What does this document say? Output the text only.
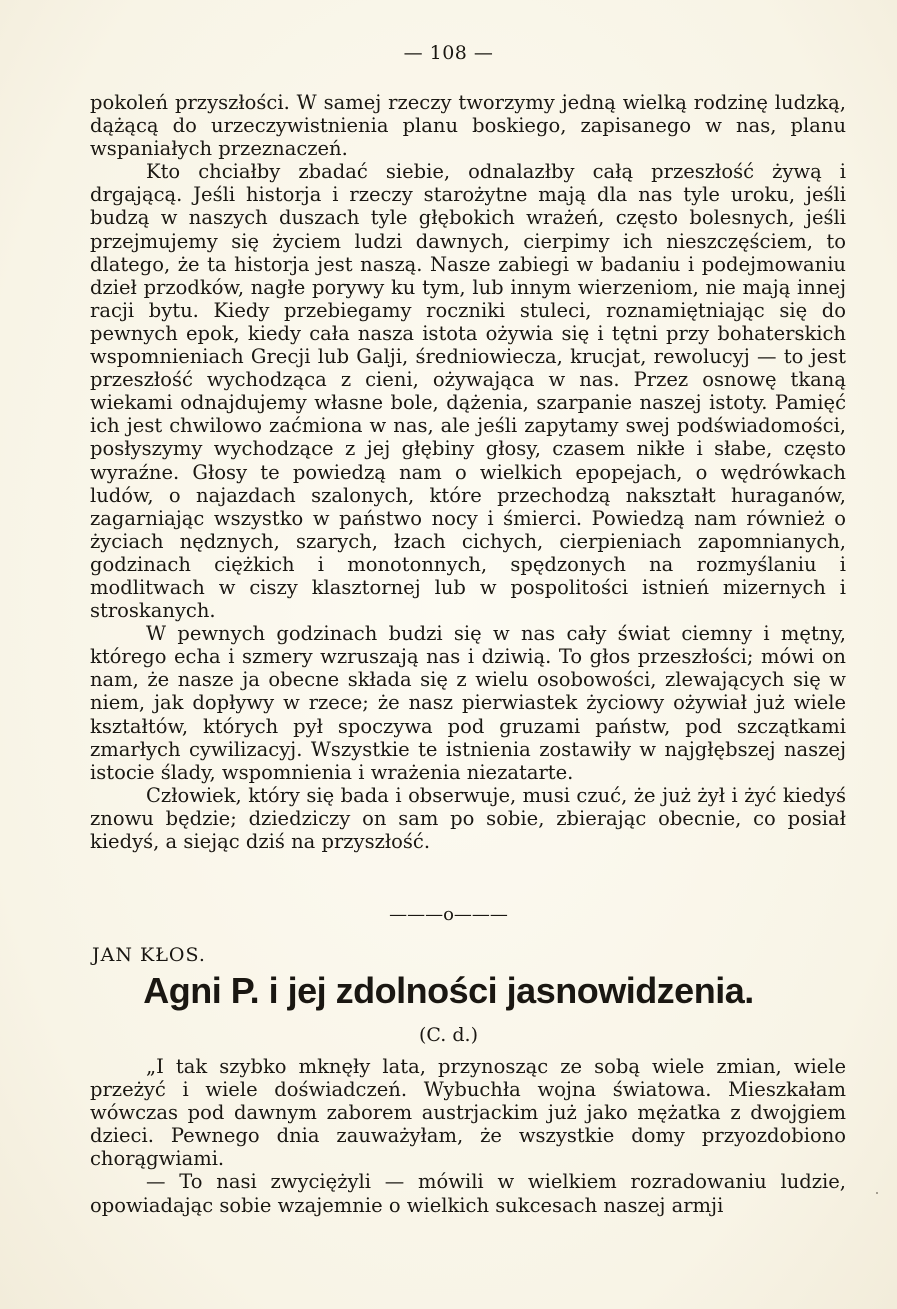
— 108 —

pokoleń przyszłości. W samej rzeczy tworzymy jedną wielką rodzinę ludzką, dążącą do urzeczywistnienia planu boskiego, zapisanego w nas, planu wspaniałych przeznaczeń.

Kto chciałby zbadać siebie, odnalazłby całą przeszłość żywą i drgającą. Jeśli historja i rzeczy starożytne mają dla nas tyle uroku, jeśli budzą w naszych duszach tyle głębokich wrażeń, często bolesnych, jeśli przejmujemy się życiem ludzi dawnych, cierpimy ich nieszczęściem, to dlatego, że ta historja jest naszą. Nasze zabiegi w badaniu i podejmowaniu dzieł przodków, nagłe porywy ku tym, lub innym wierzeniom, nie mają innej racji bytu. Kiedy przebiegamy roczniki stuleci, roznamiętniając się do pewnych epok, kiedy cała nasza istota ożywia się i tętni przy bohaterskich wspomnieniach Grecji lub Galji, średniowiecza, krucjat, rewolucyj — to jest przeszłość wychodząca z cieni, ożywająca w nas. Przez osnowę tkaną wiekami odnajdujemy własne bole, dążenia, szarpanie naszej istoty. Pamięć ich jest chwilowo zaćmiona w nas, ale jeśli zapytamy swej podświadomości, posłyszymy wychodzące z jej głębiny głosy, czasem nikłe i słabe, często wyraźne. Głosy te powiedzą nam o wielkich epopejach, o wędrówkach ludów, o najazdach szalonych, które przechodzą nakształt huraganów, zagarniając wszystko w państwo nocy i śmierci. Powiedzą nam również o życiach nędznych, szarych, łzach cichych, cierpieniach zapomnianych, godzinach ciężkich i monotonnych, spędzonych na rozmyślaniu i modlitwach w ciszy klasztornej lub w pospolitości istnień mizernych i stroskanych.

W pewnych godzinach budzi się w nas cały świat ciemny i mętny, którego echa i szmery wzruszają nas i dziwią. To głos przeszłości; mówi on nam, że nasze ja obecne składa się z wielu osobowości, zlewających się w niem, jak dopływy w rzece; że nasz pierwiastek życiowy ożywiał już wiele kształtów, których pył spoczywa pod gruzami państw, pod szczątkami zmarłych cywilizacyj. Wszystkie te istnienia zostawiły w najgłębszej naszej istocie ślady, wspomnienia i wrażenia niezatarte.

Człowiek, który się bada i obserwuje, musi czuć, że już żył i żyć kiedyś znowu będzie; dziedziczy on sam po sobie, zbierając obecnie, co posiał kiedyś, a siejąc dziś na przyszłość.

———o———
JAN KŁOS.
Agni P. i jej zdolności jasnowidzenia.
(C. d.)

„I tak szybko mknęły lata, przynosząc ze sobą wiele zmian, wiele przeżyć i wiele doświadczeń. Wybuchła wojna światowa. Mieszkałam wówczas pod dawnym zaborem austrjackim już jako mężatka z dwojgiem dzieci. Pewnego dnia zauważyłam, że wszystkie domy przyozdobiono chorągwiami.

— To nasi zwyciężyli — mówili w wielkiem rozradowaniu ludzie, opowiadając sobie wzajemnie o wielkich sukcesach naszej armji
